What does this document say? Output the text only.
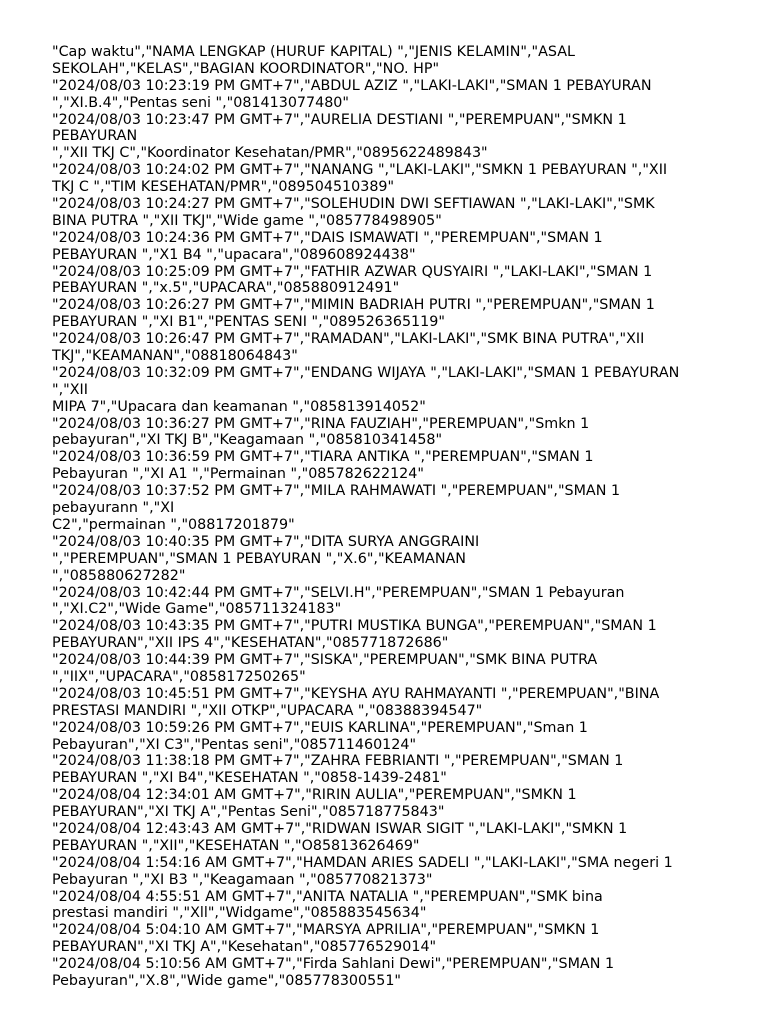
"Cap waktu","NAMA LENGKAP (HURUF KAPITAL) ","JENIS KELAMIN","ASAL
SEKOLAH","KELAS","BAGIAN KOORDINATOR","NO. HP"
"2024/08/03 10:23:19 PM GMT+7","ABDUL AZIZ ","LAKI-LAKI","SMAN 1 PEBAYURAN
","XI.B.4","Pentas seni ","081413077480"
"2024/08/03 10:23:47 PM GMT+7","AURELIA DESTIANI ","PEREMPUAN","SMKN 1
PEBAYURAN
","XII TKJ C","Koordinator Kesehatan/PMR","0895622489843"
"2024/08/03 10:24:02 PM GMT+7","NANANG ","LAKI-LAKI","SMKN 1 PEBAYURAN ","XII
TKJ C ","TIM KESEHATAN/PMR","089504510389"
"2024/08/03 10:24:27 PM GMT+7","SOLEHUDIN DWI SEFTIAWAN ","LAKI-LAKI","SMK
BINA PUTRA ","XII TKJ","Wide game ","085778498905"
"2024/08/03 10:24:36 PM GMT+7","DAIS ISMAWATI ","PEREMPUAN","SMAN 1
PEBAYURAN ","X1 B4 ","upacara","089608924438"
"2024/08/03 10:25:09 PM GMT+7","FATHIR AZWAR QUSYAIRI ","LAKI-LAKI","SMAN 1
PEBAYURAN ","x.5","UPACARA","085880912491"
"2024/08/03 10:26:27 PM GMT+7","MIMIN BADRIAH PUTRI ","PEREMPUAN","SMAN 1
PEBAYURAN ","XI B1","PENTAS SENI ","089526365119"
"2024/08/03 10:26:47 PM GMT+7","RAMADAN","LAKI-LAKI","SMK BINA PUTRA","XII
TKJ","KEAMANAN","08818064843"
"2024/08/03 10:32:09 PM GMT+7","ENDANG WIJAYA ","LAKI-LAKI","SMAN 1 PEBAYURAN
","XII
MIPA 7","Upacara dan keamanan ","085813914052"
"2024/08/03 10:36:27 PM GMT+7","RINA FAUZIAH","PEREMPUAN","Smkn 1
pebayuran","XI TKJ B","Keagamaan ","085810341458"
"2024/08/03 10:36:59 PM GMT+7","TIARA ANTIKA ","PEREMPUAN","SMAN 1
Pebayuran ","XI A1 ","Permainan ","085782622124"
"2024/08/03 10:37:52 PM GMT+7","MILA RAHMAWATI ","PEREMPUAN","SMAN 1
pebayurann ","XI
C2","permainan ","08817201879"
"2024/08/03 10:40:35 PM GMT+7","DITA SURYA ANGGRAINI
","PEREMPUAN","SMAN 1 PEBAYURAN ","X.6","KEAMANAN
","085880627282"
"2024/08/03 10:42:44 PM GMT+7","SELVI.H","PEREMPUAN","SMAN 1 Pebayuran
","XI.C2","Wide Game","085711324183"
"2024/08/03 10:43:35 PM GMT+7","PUTRI MUSTIKA BUNGA","PEREMPUAN","SMAN 1
PEBAYURAN","XII IPS 4","KESEHATAN","085771872686"
"2024/08/03 10:44:39 PM GMT+7","SISKA","PEREMPUAN","SMK BINA PUTRA
","IIX","UPACARA","085817250265"
"2024/08/03 10:45:51 PM GMT+7","KEYSHA AYU RAHMAYANTI ","PEREMPUAN","BINA
PRESTASI MANDIRI ","XII OTKP","UPACARA ","08388394547"
"2024/08/03 10:59:26 PM GMT+7","EUIS KARLINA","PEREMPUAN","Sman 1
Pebayuran","XI C3","Pentas seni","085711460124"
"2024/08/03 11:38:18 PM GMT+7","ZAHRA FEBRIANTI ","PEREMPUAN","SMAN 1
PEBAYURAN ","XI B4","KESEHATAN ","0858-1439-2481"
"2024/08/04 12:34:01 AM GMT+7","RIRIN AULIA","PEREMPUAN","SMKN 1
PEBAYURAN","XI TKJ A","Pentas Seni","085718775843"
"2024/08/04 12:43:43 AM GMT+7","RIDWAN ISWAR SIGIT ","LAKI-LAKI","SMKN 1
PEBAYURAN ","XII","KESEHATAN ","O85813626469"
"2024/08/04 1:54:16 AM GMT+7","HAMDAN ARIES SADELI ","LAKI-LAKI","SMA negeri 1
Pebayuran ","XI B3 ","Keagamaan ","085770821373"
"2024/08/04 4:55:51 AM GMT+7","ANITA NATALIA ","PEREMPUAN","SMK bina
prestasi mandiri ","Xll","Widgame","085883545634"
"2024/08/04 5:04:10 AM GMT+7","MARSYA APRILIA","PEREMPUAN","SMKN 1
PEBAYURAN","XI TKJ A","Kesehatan","085776529014"
"2024/08/04 5:10:56 AM GMT+7","Firda Sahlani Dewi","PEREMPUAN","SMAN 1
Pebayuran","X.8","Wide game","085778300551"
